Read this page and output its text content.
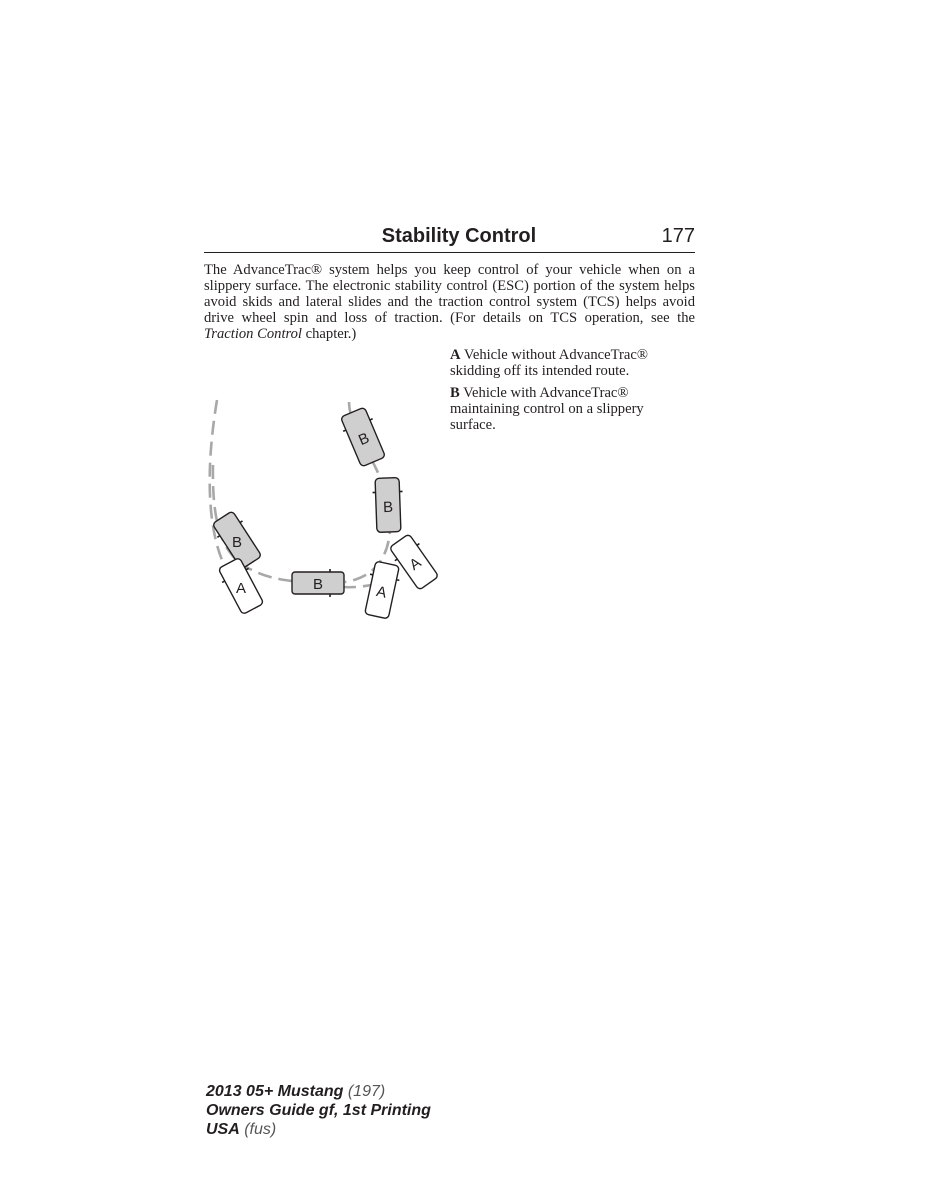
Stability Control	177

The AdvanceTrac® system helps you keep control of your vehicle when on a slippery surface. The electronic stability control (ESC) portion of the system helps avoid skids and lateral slides and the traction control system (TCS) helps avoid drive wheel spin and loss of traction. (For details on TCS operation, see the Traction Control chapter.)

A Vehicle without AdvanceTrac® skidding off its intended route.

B Vehicle with AdvanceTrac® maintaining control on a slippery surface.

B
B
A
A
B
B
A
2013 05+ Mustang (197)
Owners Guide gf, 1st Printing
USA (fus)
